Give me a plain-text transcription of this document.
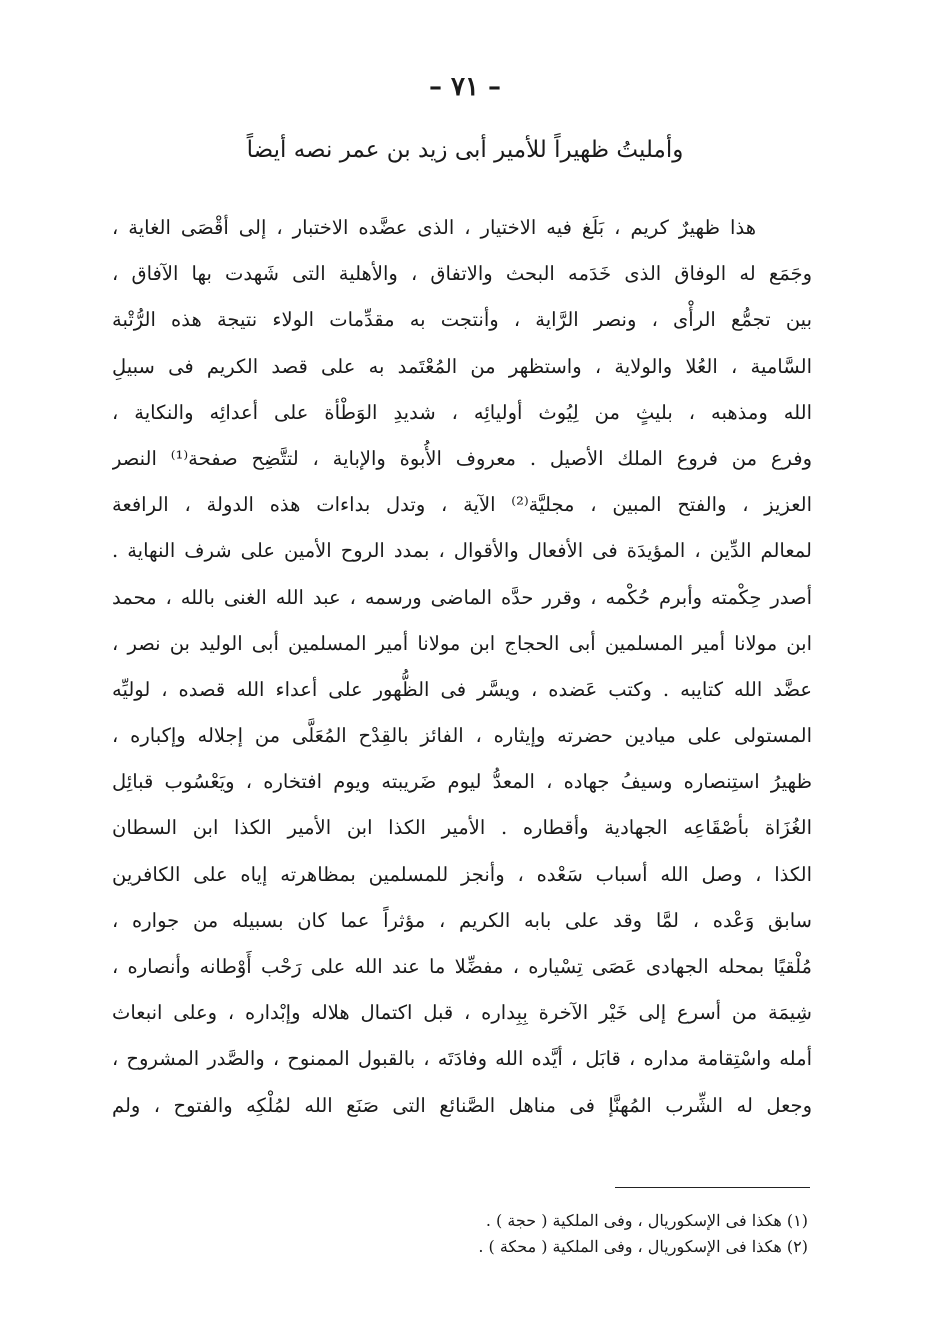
– ٧١ –
وأمليتُ ظهيراً للأمير أبى زيد بن عمر نصه أيضاً
هذا ظهيرٌ كريم ، بَلَغ فيه الاختيار ، الذى عضَّده الاختبار ، إلى أقْصَى الغاية ،
وجَمَع له الوفاق الذى خَدَمه البحث والاتفاق ، والأهلية التى شَهدت بها الآفاق ،
بين تجمُّع الرأْى ، ونصر الرَّاية ، وأنتجت به مقدِّمات الولاء نتيجة هذه الرُّتْبة
السَّامية ، العُلا والولاية ، واستظهر من المُعْتَمد به على قصد الكريم فى سبيلِ
الله ومذهبه ، بليثٍ من لِيُوث أوليائِه ، شديدِ الوَطْأة على أعدائِه والنكاية ،
وفرع من فروع الملك الأصيل . معروف الأُبوة والإباية ، لتتَّضِح صفحة⁽¹⁾ النصر
العزيز ، والفتح المبين ، مجليَّة⁽²⁾ الآية ، وتدل بداءات هذه الدولة ، الرافعة
لمعالم الدِّين ، المؤيدَة فى الأفعال والأقوال ، بمدد الروح الأمين على شرف النهاية .
أصدر حِكْمته وأبرم حُكْمه ، وقرر حدَّه الماضى ورسمه ، عبد الله الغنى بالله ، محمد
ابن مولانا أمير المسلمين أبى الحجاج ابن مولانا أمير المسلمين أبى الوليد بن نصر ،
عضَّد الله كتايبه . وكتب عَضده ، ويسَّر فى الظُّهور على أعداء الله قصده ، لوليِّه
المستولى على ميادين حضرته وإيثاره ، الفائز بالقِدْح المُعَلَّى من إجلاله وإكباره ،
ظهيرُ استِنصاره وسيفُ جهاده ، المعدُّ ليوم ضَريبته ويوم افتخاره ، ويَعْسُوب قبائِل
الغُزَاة بأصْقَاعِه الجهادية وأقطاره . الأمير الكذا ابن الأمير الكذا ابن السطان
الكذا ، وصل الله أسباب سَعْده ، وأنجز للمسلمين بمظاهرته إياه على الكافرين
سابق وَعْده ، لمَّا وقد على بابه الكريم ، مؤثراً عما كان بسبيله من جواره ،
مُلْقيًا بمحله الجهادى عَصَى تِسْياره ، مفضِّلا ما عند الله على رَحْب أَوْطانه وأنصاره ،
شِيمَة من أسرع إلى خَيْر الآخرة بِبِداره ، قبل اكتمال هلاله وإبْداره ، وعلى انبعاث
أمله واسْتِقامة مداره ، قابَل ، أيَّده الله وفادَتَه ، بالقبول الممنوح ، والصَّدر المشروح ،
وجعل له الشِّرب المُهنَّإ فى مناهل الصَّنائع التى صَنَع الله لمُلْكِه والفتوح ، ولم
(١) هكذا فى الإسكوريال ، وفى الملكية ( حجة ) .
(٢) هكذا فى الإسكوريال ، وفى الملكية ( محكة ) .
